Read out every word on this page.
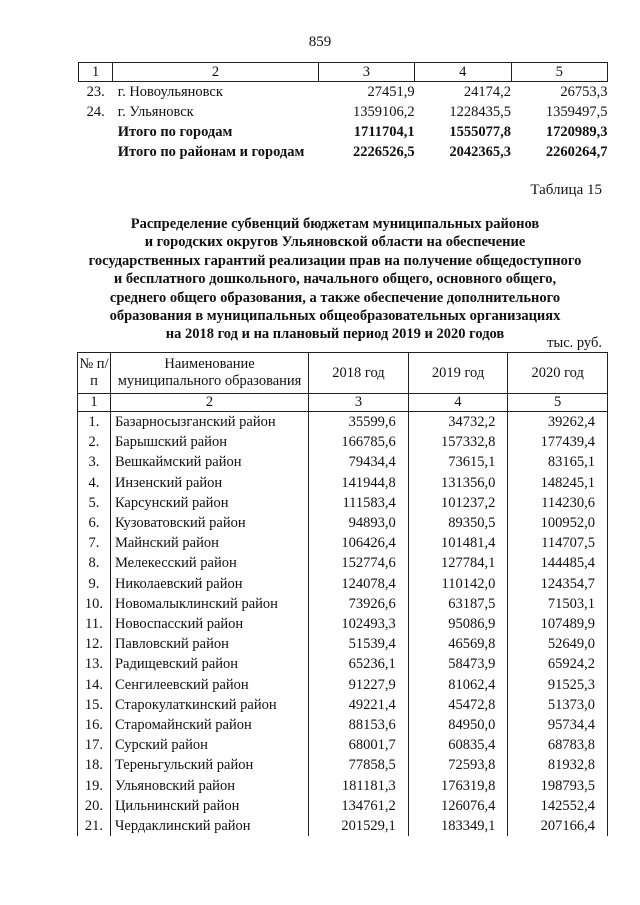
859
1	2	3	4	5
23.	г. Новоульяновск	27451,9	24174,2	26753,3
24.	г. Ульяновск	1359106,2	1228435,5	1359497,5
	Итого по городам	1711704,1	1555077,8	1720989,3
	Итого по районам и городам	2226526,5	2042365,3	2260264,7
Таблица 15
Распределение субвенций бюджетам муниципальных районов
и городских округов Ульяновской области на обеспечение
государственных гарантий реализации прав на получение общедоступного
и бесплатного дошкольного, начального общего, основного общего,
среднего общего образования, а также обеспечение дополнительного
образования в муниципальных общеобразовательных организациях
на 2018 год и на плановый период 2019 и 2020 годов
тыс. руб.
№ п/п	Наименование муниципального образования	2018 год	2019 год	2020 год
1	2	3	4	5
1.	Базарносызганский район	35599,6	34732,2	39262,4
2.	Барышский район	166785,6	157332,8	177439,4
3.	Вешкаймский район	79434,4	73615,1	83165,1
4.	Инзенский район	141944,8	131356,0	148245,1
5.	Карсунский район	111583,4	101237,2	114230,6
6.	Кузоватовский район	94893,0	89350,5	100952,0
7.	Майнский район	106426,4	101481,4	114707,5
8.	Мелекесский район	152774,6	127784,1	144485,4
9.	Николаевский район	124078,4	110142,0	124354,7
10.	Новомалыклинский район	73926,6	63187,5	71503,1
11.	Новоспасский район	102493,3	95086,9	107489,9
12.	Павловский район	51539,4	46569,8	52649,0
13.	Радищевский район	65236,1	58473,9	65924,2
14.	Сенгилеевский район	91227,9	81062,4	91525,3
15.	Старокулаткинский район	49221,4	45472,8	51373,0
16.	Старомайнский район	88153,6	84950,0	95734,4
17.	Сурский район	68001,7	60835,4	68783,8
18.	Тереньгульский район	77858,5	72593,8	81932,8
19.	Ульяновский район	181181,3	176319,8	198793,5
20.	Цильнинский район	134761,2	126076,4	142552,4
21.	Чердаклинский район	201529,1	183349,1	207166,4
